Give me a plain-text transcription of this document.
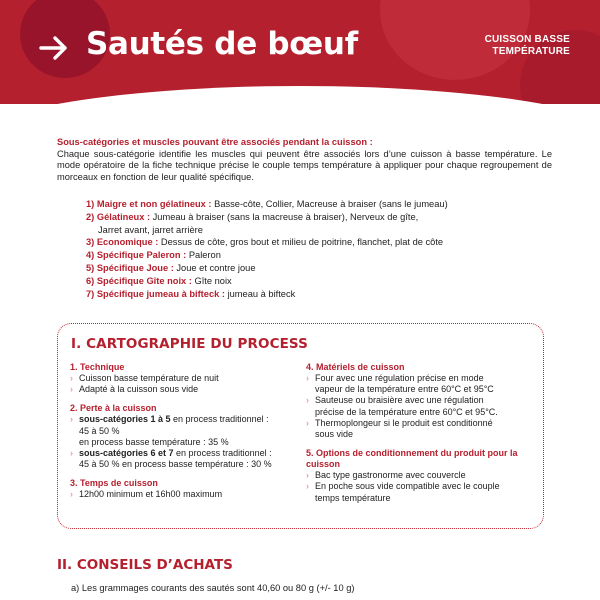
Sautés de bœuf	CUISSON BASSE
TEMPÉRATURE
Sous-catégories et muscles pouvant être associés pendant la cuisson :
Chaque sous-catégorie identifie les muscles qui peuvent être associés lors d’une cuisson à basse température. Le mode opératoire de la fiche technique précise le couple temps température à appliquer pour chaque regroupement de morceaux en fonction de leur qualité spécifique.
1) Maigre et non gélatineux : Basse-côte, Collier, Macreuse à braiser (sans le jumeau)
2) Gélatineux : Jumeau à braiser (sans la macreuse à braiser), Nerveux de gîte,
Jarret avant, jarret arrière
3) Economique : Dessus de côte, gros bout et milieu de poitrine, flanchet, plat de côte
4) Spécifique Paleron : Paleron
5) Spécifique Joue : Joue et contre joue
6) Spécifique Gîte noix : Gîte noix
7) Spécifique jumeau à bifteck : jumeau à bifteck
I. CARTOGRAPHIE DU PROCESS
1. Technique
› Cuisson basse température de nuit
› Adapté à la cuisson sous vide
2. Perte à la cuisson
› sous-catégories 1 à 5 en process traditionnel :
45 à 50 %
en process basse température : 35 %
› sous-catégories 6 et 7 en process traditionnel :
45 à 50 % en process basse température : 30 %
3. Temps de cuisson
› 12h00 minimum et 16h00 maximum
4. Matériels de cuisson
› Four avec une régulation précise en mode
vapeur de la température entre 60°C et 95°C
› Sauteuse ou braisière avec une régulation
précise de la température entre 60°C et 95°C.
› Thermoplongeur si le produit est conditionné
sous vide
5. Options de conditionnement du produit pour la
cuisson
› Bac type gastronorme avec couvercle
› En poche sous vide compatible avec le couple
temps température
II. CONSEILS D’ACHATS
a) Les grammages courants des sautés sont 40,60 ou 80 g (+/- 10 g)
